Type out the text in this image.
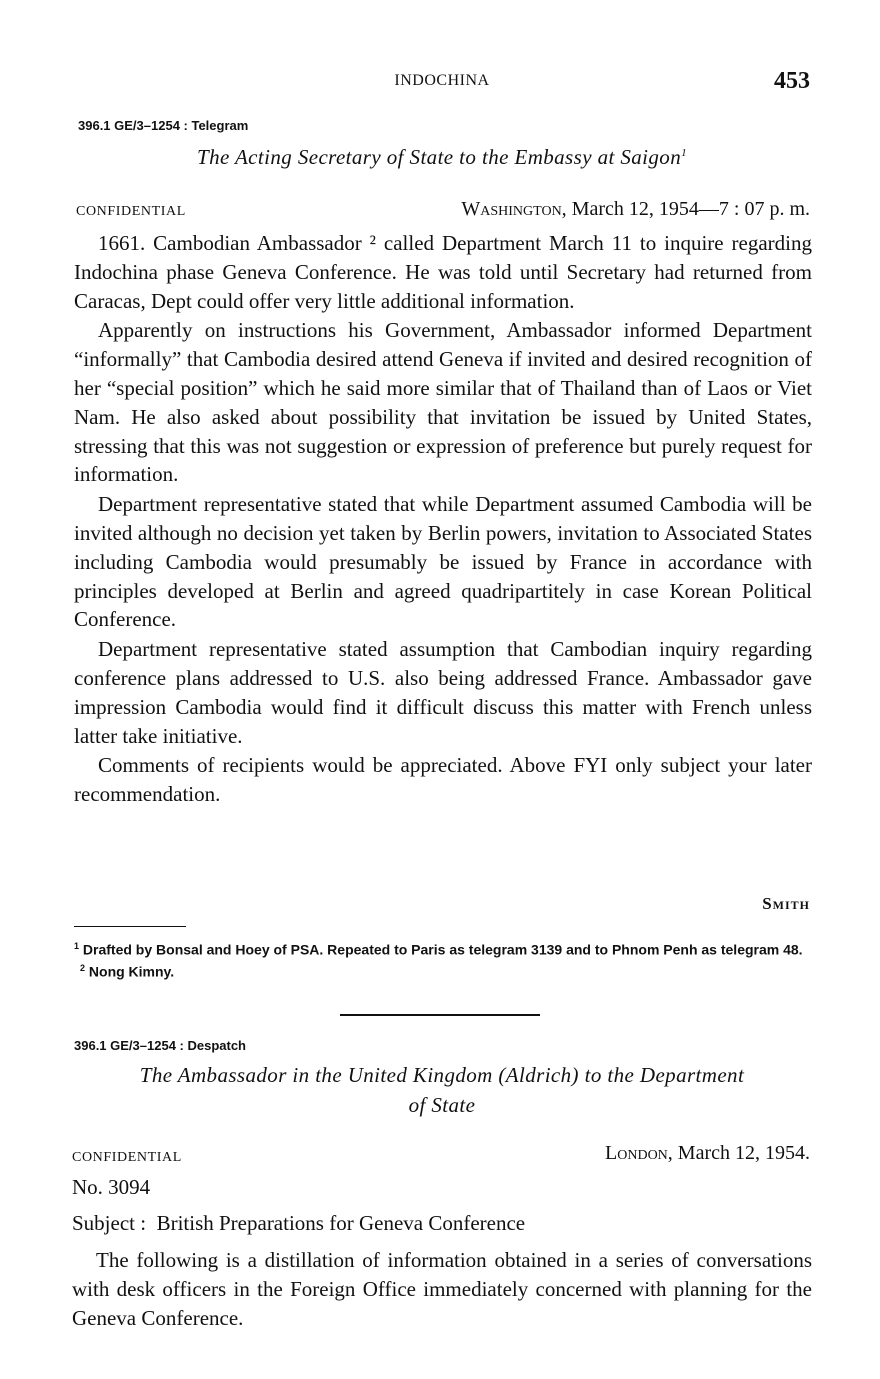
INDOCHINA	453
396.1 GE/3–1254 : Telegram
The Acting Secretary of State to the Embassy at Saigon$^1$
CONFIDENTIAL	Washington, March 12, 1954—7 : 07 p. m.

1661. Cambodian Ambassador ² called Department March 11 to inquire regarding Indochina phase Geneva Conference. He was told until Secretary had returned from Caracas, Dept could offer very little additional information.

Apparently on instructions his Government, Ambassador informed Department “informally” that Cambodia desired attend Geneva if invited and desired recognition of her “special position” which he said more similar that of Thailand than of Laos or Viet Nam. He also asked about possibility that invitation be issued by United States, stressing that this was not suggestion or expression of preference but purely request for information.

Department representative stated that while Department assumed Cambodia will be invited although no decision yet taken by Berlin powers, invitation to Associated States including Cambodia would presumably be issued by France in accordance with principles developed at Berlin and agreed quadripartitely in case Korean Political Conference.

Department representative stated assumption that Cambodian inquiry regarding conference plans addressed to U.S. also being addressed France. Ambassador gave impression Cambodia would find it difficult discuss this matter with French unless latter take initiative.

Comments of recipients would be appreciated. Above FYI only subject your later recommendation.

Smith

$^1$ Drafted by Bonsal and Hoey of PSA. Repeated to Paris as telegram 3139 and to Phnom Penh as telegram 48.

$^2$ Nong Kimny.

396.1 GE/3–1254 : Despatch
The Ambassador in the United Kingdom (Aldrich) to the Department
of State
CONFIDENTIAL	London, March 12, 1954.
No. 3094
Subject :  British Preparations for Geneva Conference

The following is a distillation of information obtained in a series of conversations with desk officers in the Foreign Office immediately concerned with planning for the Geneva Conference.
